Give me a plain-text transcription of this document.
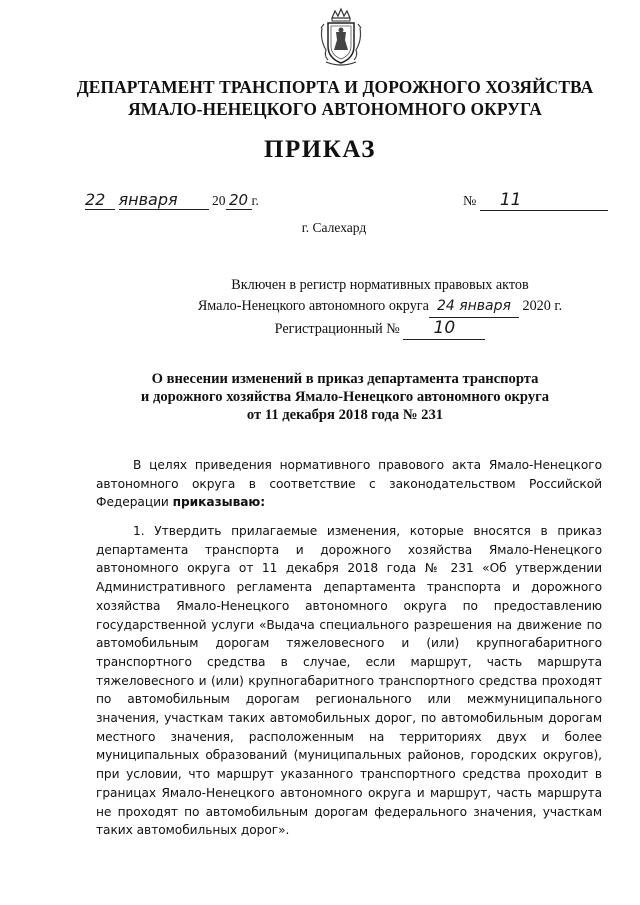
ДЕПАРТАМЕНТ ТРАНСПОРТА И ДОРОЖНОГО ХОЗЯЙСТВА
ЯМАЛО-НЕНЕЦКОГО АВТОНОМНОГО ОКРУГА
ПРИКАЗ
22 января	20 20 г.	№ 11
г. Салехард
Включен в регистр нормативных правовых актов
Ямало-Ненецкого автономного округа 24 января 2020 г.
Регистрационный № 10
О внесении изменений в приказ департамента транспорта
и дорожного хозяйства Ямало-Ненецкого автономного округа
от 11 декабря 2018 года № 231
В целях приведения нормативного правового акта Ямало-Ненецкого автономного округа в соответствие с законодательством Российской Федерации приказываю:
1. Утвердить прилагаемые изменения, которые вносятся в приказ департамента транспорта и дорожного хозяйства Ямало-Ненецкого автономного округа от 11 декабря 2018 года № 231 «Об утверждении Административного регламента департамента транспорта и дорожного хозяйства Ямало-Ненецкого автономного округа по предоставлению государственной услуги «Выдача специального разрешения на движение по автомобильным дорогам тяжеловесного и (или) крупногабаритного транспортного средства в случае, если маршрут, часть маршрута тяжеловесного и (или) крупногабаритного транспортного средства проходят по автомобильным дорогам регионального или межмуниципального значения, участкам таких автомобильных дорог, по автомобильным дорогам местного значения, расположенным на территориях двух и более муниципальных образований (муниципальных районов, городских округов), при условии, что маршрут указанного транспортного средства проходит в границах Ямало-Ненецкого автономного округа и маршрут, часть маршрута не проходят по автомобильным дорогам федерального значения, участкам таких автомобильных дорог».
